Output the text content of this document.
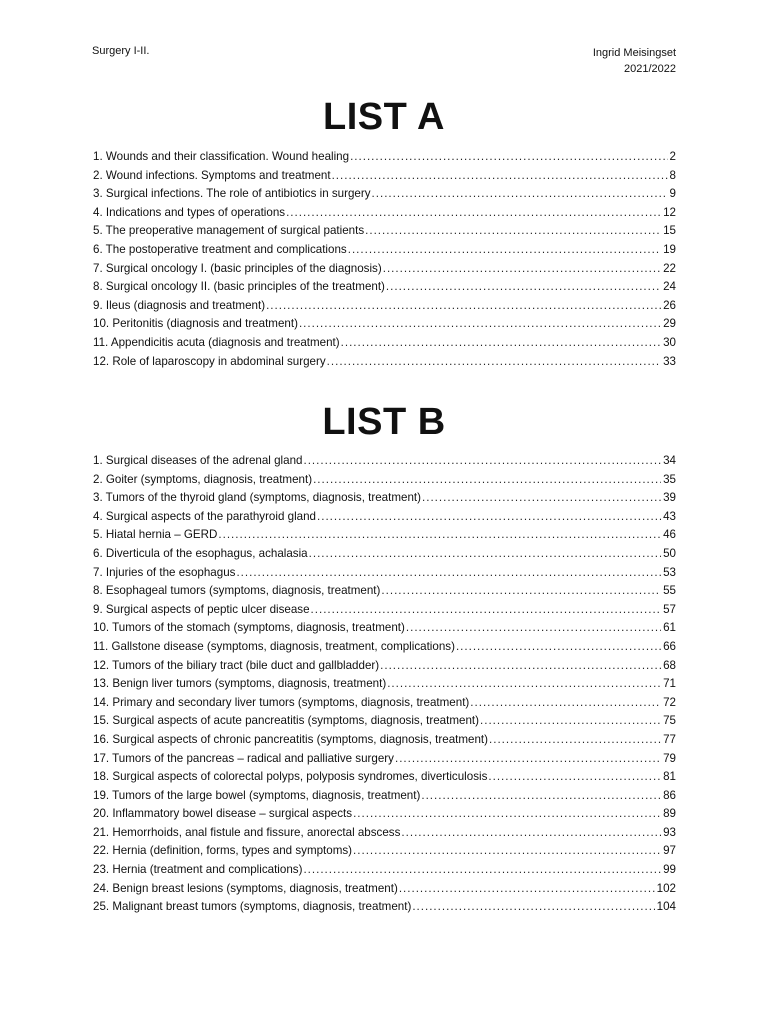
Surgery I-II.	Ingrid Meisingset
2021/2022
LIST A
1. Wounds and their classification. Wound healing .....	2
2. Wound infections. Symptoms and treatment .....	8
3. Surgical infections. The role of antibiotics in surgery .....	9
4. Indications and types of operations .....	12
5. The preoperative management of surgical patients .....	15
6. The postoperative treatment and complications .....	19
7. Surgical oncology I. (basic principles of the diagnosis) .....	22
8. Surgical oncology II. (basic principles of the treatment) .....	24
9. Ileus (diagnosis and treatment) .....	26
10. Peritonitis (diagnosis and treatment) .....	29
11. Appendicitis acuta (diagnosis and treatment) .....	30
12. Role of laparoscopy in abdominal surgery .....	33
LIST B
1. Surgical diseases of the adrenal gland .....	34
2. Goiter (symptoms, diagnosis, treatment) .....	35
3. Tumors of the thyroid gland (symptoms, diagnosis, treatment) .....	39
4. Surgical aspects of the parathyroid gland .....	43
5. Hiatal hernia – GERD .....	46
6. Diverticula of the esophagus, achalasia .....	50
7. Injuries of the esophagus .....	53
8. Esophageal tumors (symptoms, diagnosis, treatment) .....	55
9. Surgical aspects of peptic ulcer disease .....	57
10. Tumors of the stomach (symptoms, diagnosis, treatment) .....	61
11. Gallstone disease (symptoms, diagnosis, treatment, complications) .....	66
12. Tumors of the biliary tract (bile duct and gallbladder) .....	68
13. Benign liver tumors (symptoms, diagnosis, treatment) .....	71
14. Primary and secondary liver tumors (symptoms, diagnosis, treatment) .....	72
15. Surgical aspects of acute pancreatitis (symptoms, diagnosis, treatment) .....	75
16. Surgical aspects of chronic pancreatitis (symptoms, diagnosis, treatment) .....	77
17. Tumors of the pancreas – radical and palliative surgery .....	79
18. Surgical aspects of colorectal polyps, polyposis syndromes, diverticulosis .....	81
19. Tumors of the large bowel (symptoms, diagnosis, treatment) .....	86
20. Inflammatory bowel disease – surgical aspects .....	89
21. Hemorrhoids, anal fistule and fissure, anorectal abscess .....	93
22. Hernia (definition, forms, types and symptoms) .....	97
23. Hernia (treatment and complications) .....	99
24. Benign breast lesions (symptoms, diagnosis, treatment) .....	102
25. Malignant breast tumors (symptoms, diagnosis, treatment) .....	104
